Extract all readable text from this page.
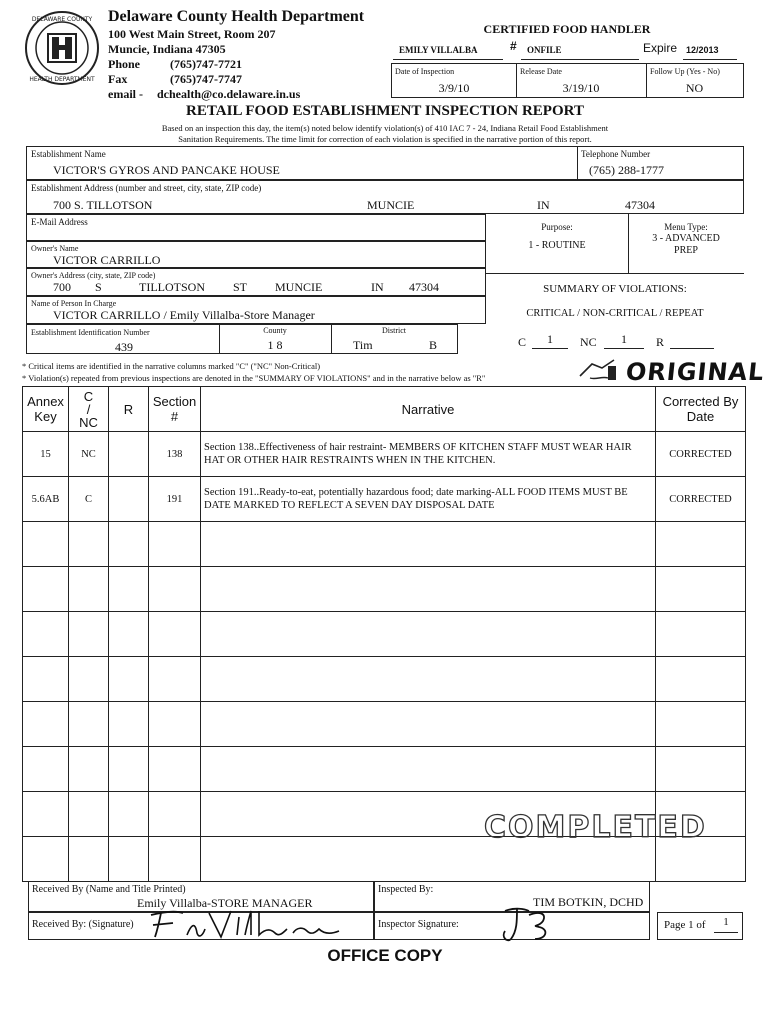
DELAWARE COUNTY
HEALTH DEPARTMENT
Delaware County Health Department
100 West Main Street, Room 207
Muncie, Indiana 47305
Phone (765)747-7721
Fax	(765)747-7747
email - dchealth@co.delaware.in.us
CERTIFIED FOOD HANDLER
EMILY VILLALBA	# ONFILE	Expire 12/2013
Date of Inspection
3/9/10
Release Date
3/19/10
Follow Up (Yes - No)
NO
RETAIL FOOD ESTABLISHMENT INSPECTION REPORT
Based on an inspection this day, the item(s) noted below identify violation(s) of 410 IAC 7 - 24, Indiana Retail Food Establishment
Sanitation Requirements. The time limit for correction of each violation is specified in the narrative portion of this report.
Establishment Name
VICTOR'S GYROS AND PANCAKE HOUSE
Telephone Number
(765) 288-1777
Establishment Address (number and street, city, state, ZIP code)
700 S. TILLOTSON	MUNCIE	IN	47304
E-Mail Address	Purpose:
1 - ROUTINE
Menu Type:
3 - ADVANCED
PREP
Owner's Name
VICTOR CARRILLO
Owner's Address (city, state, ZIP code)
700 S	TILLOTSON ST MUNCIE	IN 47304
Name of Person In Charge
VICTOR CARRILLO / Emily Villalba-Store Manager
Establishment Identification Number
439
County
1 8
District
Tim	B
SUMMARY OF VIOLATIONS:
CRITICAL / NON-CRITICAL / REPEAT
C	1	NC	1	R
* Critical items are identified in the narrative columns marked "C" ("NC" Non-Critical)
* Violation(s) repeated from previous inspections are denoted in the "SUMMARY OF VIOLATIONS" and in the narrative below as "R"	ORIGINAL
Annex Key	C
/
NC	R	Section #	Narrative	Corrected By Date
15	NC		138	Section 138..Effectiveness of hair restraint- MEMBERS OF KITCHEN STAFF MUST WEAR HAIR HAT OR OTHER HAIR RESTRAINTS WHEN IN THE KITCHEN.	CORRECTED
5.6AB	C		191	Section 191..Ready-to-eat, potentially hazardous food; date marking-ALL FOOD ITEMS MUST BE DATE MARKED TO REFLECT A SEVEN DAY DISPOSAL DATE	CORRECTED

COMPLETED
Received By (Name and Title Printed)
Emily Villalba-STORE MANAGER
Received By: (Signature)
Inspected By:
TIM BOTKIN, DCHD
Inspector Signature:	Page 1 of	1
OFFICE COPY
